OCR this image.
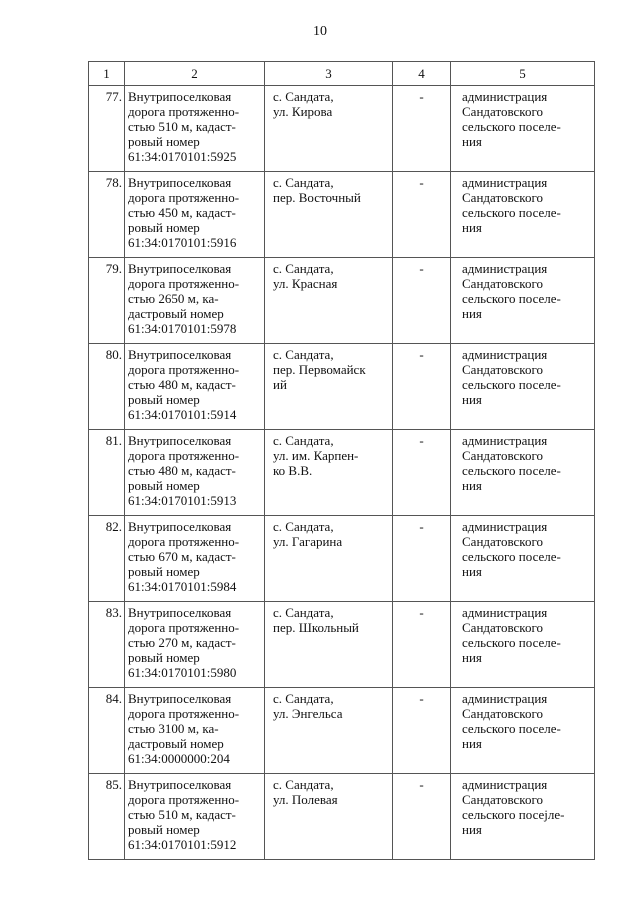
10
1	2	3	4	5
77.	Внутрипоселковая
дорога протяженно-
стью 510 м, кадаст-
ровый номер
61:34:0170101:5925	с. Сандата,
ул. Кирова	-	администрация
Сандатовского
сельского поселе-
ния

78.	Внутрипоселковая
дорога протяженно-
стью 450 м, кадаст-
ровый номер
61:34:0170101:5916	с. Сандата,
пер. Восточный	-	администрация
Сандатовского
сельского поселе-
ния

79.	Внутрипоселковая
дорога протяженно-
стью 2650 м, ка-
дастровый номер
61:34:0170101:5978	с. Сандата,
ул. Красная	-	администрация
Сандатовского
сельского поселе-
ния

80.	Внутрипоселковая
дорога протяженно-
стью 480 м, кадаст-
ровый номер
61:34:0170101:5914	с. Сандата,
пер. Первомайск
ий	-	администрация
Сандатовского
сельского поселе-
ния

81.	Внутрипоселковая
дорога протяженно-
стью 480 м, кадаст-
ровый номер
61:34:0170101:5913	с. Сандата,
ул. им. Карпен-
ко В.В.	-	администрация
Сандатовского
сельского поселе-
ния

82.	Внутрипоселковая
дорога протяженно-
стью 670 м, кадаст-
ровый номер
61:34:0170101:5984	с. Сандата,
ул. Гагарина	-	администрация
Сандатовского
сельского поселе-
ния

83.	Внутрипоселковая
дорога протяженно-
стью 270 м, кадаст-
ровый номер
61:34:0170101:5980	с. Сандата,
пер. Школьный	-	администрация
Сандатовского
сельского поселе-
ния

84.	Внутрипоселковая
дорога протяженно-
стью 3100 м, ка-
дастровый номер
61:34:0000000:204	с. Сандата,
ул. Энгельса	-	администрация
Сандатовского
сельского поселе-
ния

85.	Внутрипоселковая
дорога протяженно-
стью 510 м, кадаст-
ровый номер
61:34:0170101:5912	с. Сандата,
ул. Полевая	-	администрация
Сандатовского
сельского посеjле-
ния
